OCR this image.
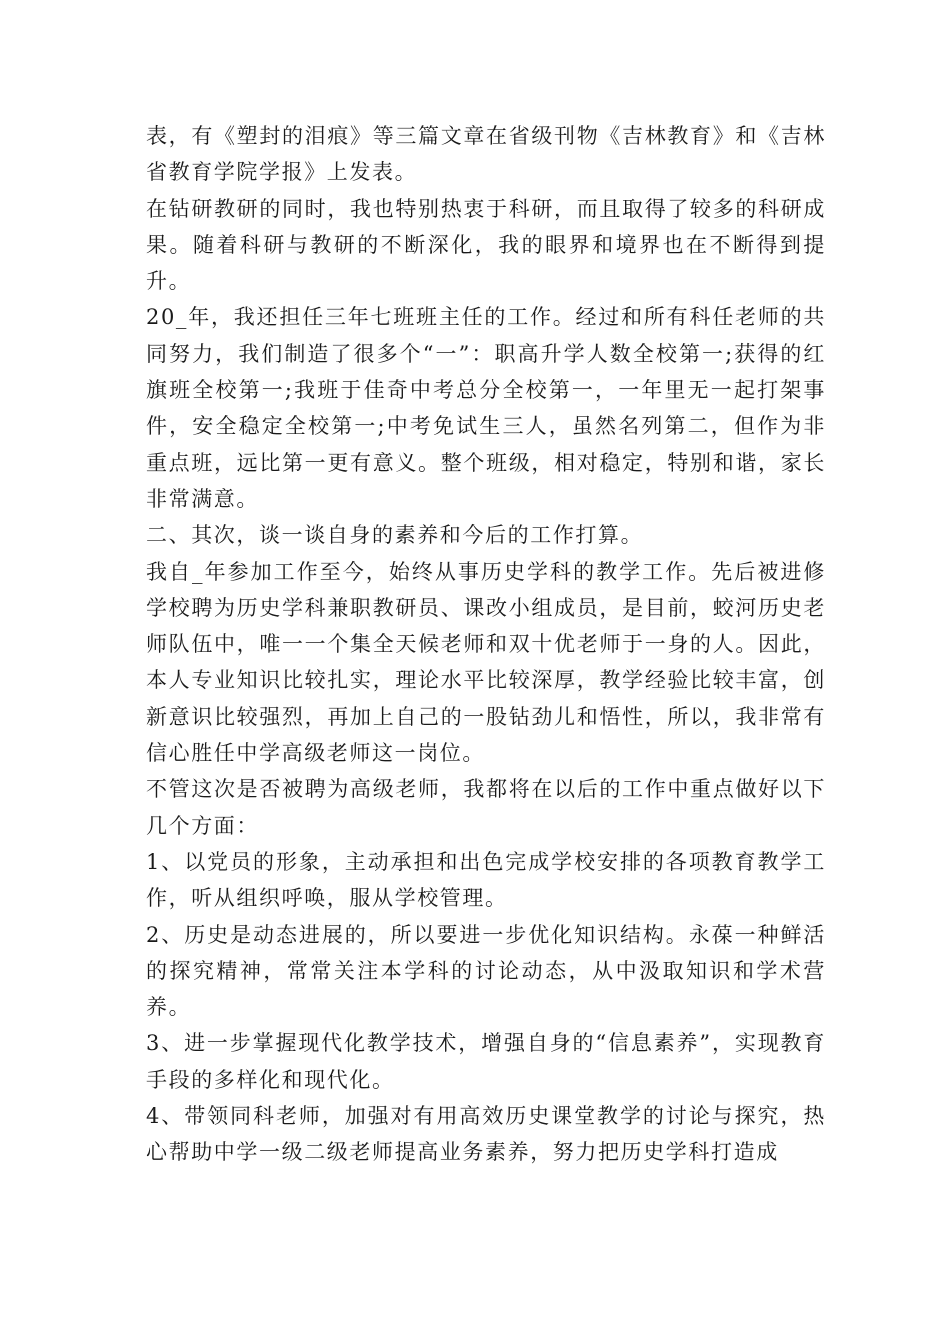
表，有《塑封的泪痕》等三篇文章在省级刊物《吉林教育》和《吉林省教育学院学报》上发表。

在钻研教研的同时，我也特别热衷于科研，而且取得了较多的科研成果。随着科研与教研的不断深化，我的眼界和境界也在不断得到提升。

20_年，我还担任三年七班班主任的工作。经过和所有科任老师的共同努力，我们制造了很多个“一”：职高升学人数全校第一;获得的红旗班全校第一;我班于佳奇中考总分全校第一，一年里无一起打架事件，安全稳定全校第一;中考免试生三人，虽然名列第二，但作为非重点班，远比第一更有意义。整个班级，相对稳定，特别和谐，家长非常满意。

二、其次，谈一谈自身的素养和今后的工作打算。

我自_年参加工作至今，始终从事历史学科的教学工作。先后被进修学校聘为历史学科兼职教研员、课改小组成员，是目前，蛟河历史老师队伍中，唯一一个集全天候老师和双十优老师于一身的人。因此，本人专业知识比较扎实，理论水平比较深厚，教学经验比较丰富，创新意识比较强烈，再加上自己的一股钻劲儿和悟性，所以，我非常有信心胜任中学高级老师这一岗位。

不管这次是否被聘为高级老师，我都将在以后的工作中重点做好以下几个方面：

1、以党员的形象，主动承担和出色完成学校安排的各项教育教学工作，听从组织呼唤，服从学校管理。

2、历史是动态进展的，所以要进一步优化知识结构。永葆一种鲜活的探究精神，常常关注本学科的讨论动态，从中汲取知识和学术营养。

3、进一步掌握现代化教学技术，增强自身的“信息素养”，实现教育手段的多样化和现代化。

4、带领同科老师，加强对有用高效历史课堂教学的讨论与探究，热心帮助中学一级二级老师提高业务素养，努力把历史学科打造成
